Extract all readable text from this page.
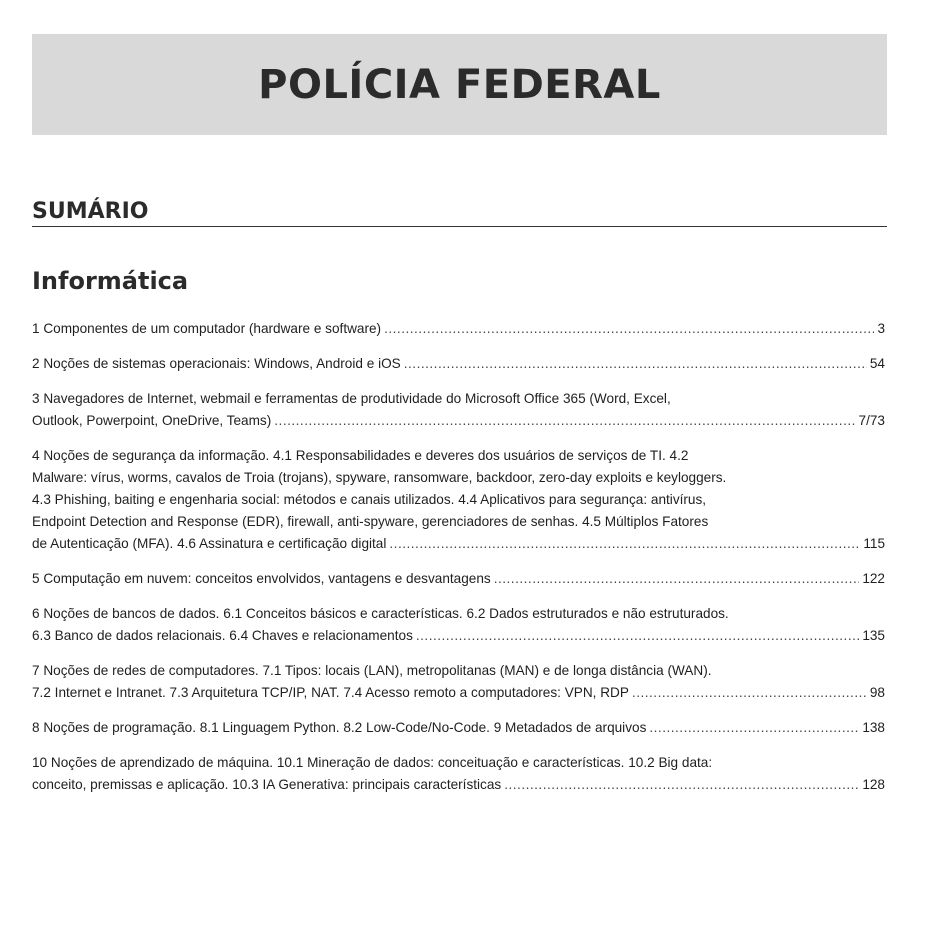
POLÍCIA FEDERAL
SUMÁRIO
Informática
1 Componentes de um computador (hardware e software) .....	3
2 Noções de sistemas operacionais: Windows, Android e iOS .....	54
3 Navegadores de Internet, webmail e ferramentas de produtividade do Microsoft Office 365 (Word, Excel,
Outlook, Powerpoint, OneDrive, Teams) .....	7/73
4 Noções de segurança da informação. 4.1 Responsabilidades e deveres dos usuários de serviços de TI. 4.2
Malware: vírus, worms, cavalos de Troia (trojans), spyware, ransomware, backdoor, zero-day exploits e keyloggers.
4.3 Phishing, baiting e engenharia social: métodos e canais utilizados. 4.4 Aplicativos para segurança: antivírus,
Endpoint Detection and Response (EDR), firewall, anti-spyware, gerenciadores de senhas. 4.5 Múltiplos Fatores
de Autenticação (MFA). 4.6 Assinatura e certificação digital .....	115
5 Computação em nuvem: conceitos envolvidos, vantagens e desvantagens .....	122
6 Noções de bancos de dados. 6.1 Conceitos básicos e características. 6.2 Dados estruturados e não estruturados.
6.3 Banco de dados relacionais. 6.4 Chaves e relacionamentos .....	135
7 Noções de redes de computadores. 7.1 Tipos: locais (LAN), metropolitanas (MAN) e de longa distância (WAN).
7.2 Internet e Intranet. 7.3 Arquitetura TCP/IP, NAT. 7.4 Acesso remoto a computadores: VPN, RDP .....	98
8 Noções de programação. 8.1 Linguagem Python. 8.2 Low-Code/No-Code. 9 Metadados de arquivos .....	138
10 Noções de aprendizado de máquina. 10.1 Mineração de dados: conceituação e características. 10.2 Big data:
conceito, premissas e aplicação. 10.3 IA Generativa: principais características .....	128
